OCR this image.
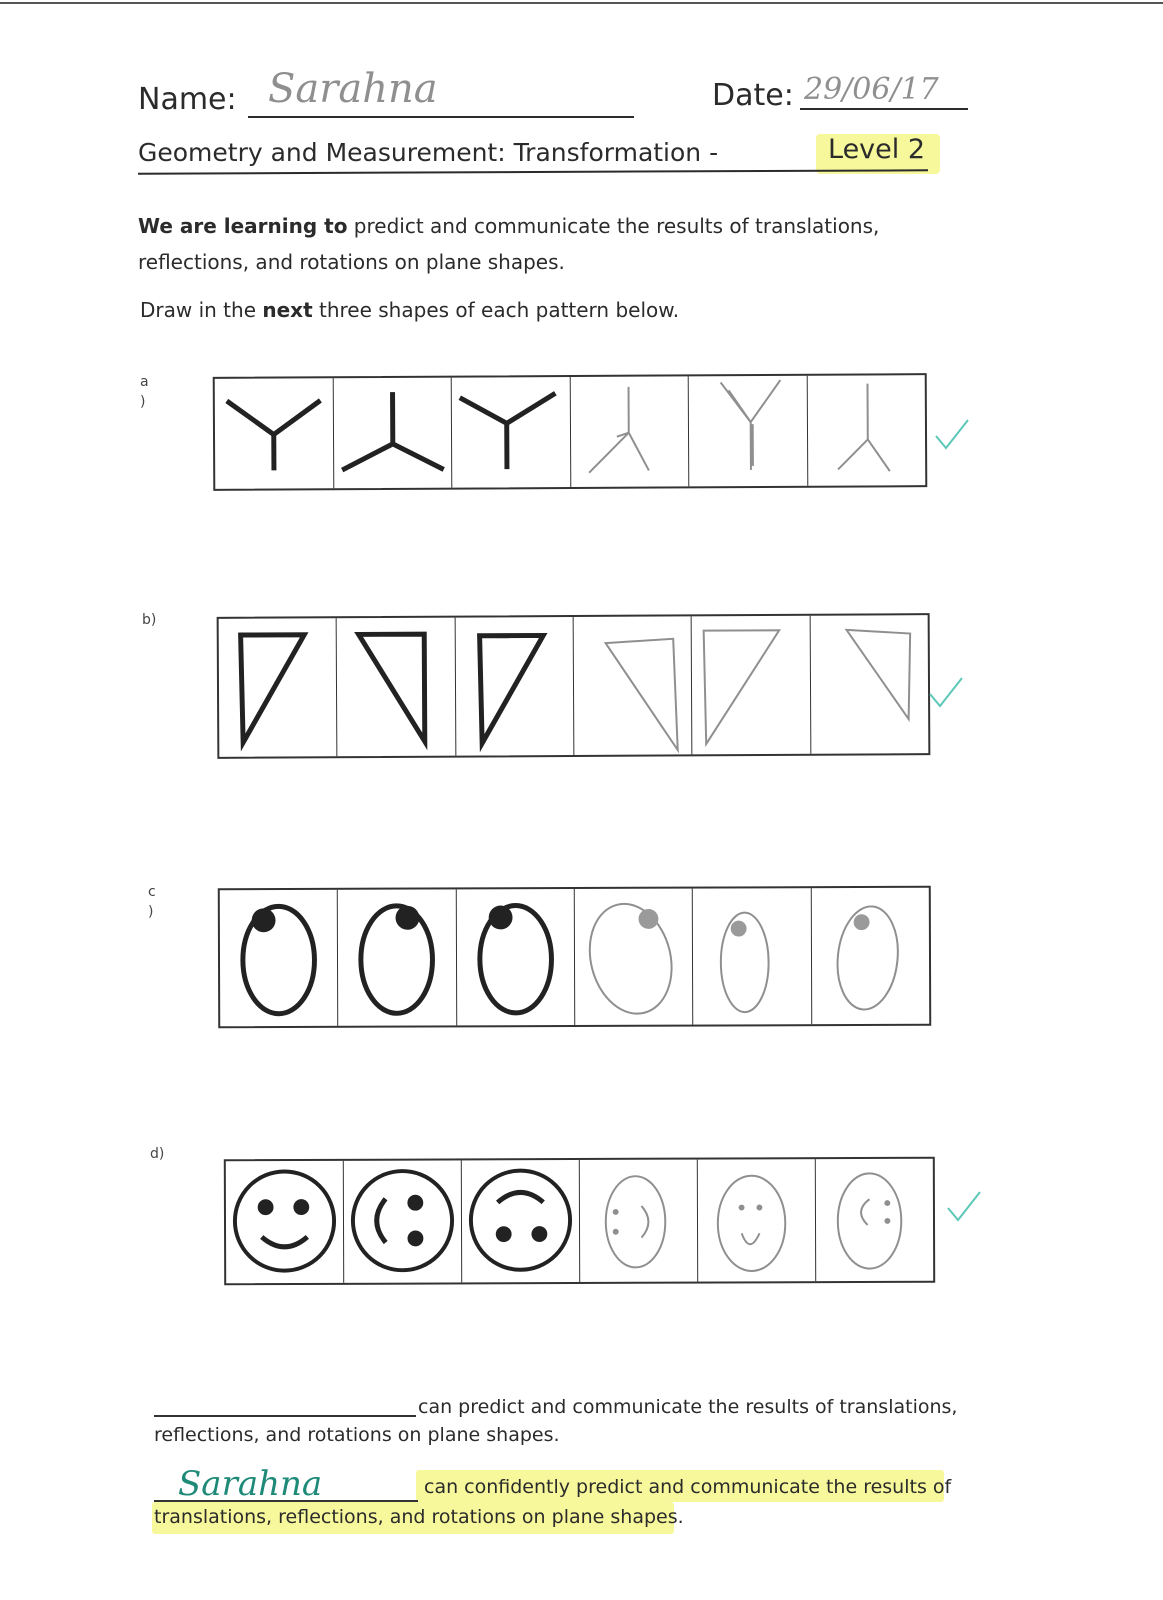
Name: Sarahna	Date: 29/06/17
Geometry and Measurement: Transformation -	Level 2
We are learning to predict and communicate the results of translations, reflections, and rotations on plane shapes.
Draw in the next three shapes of each pattern below.
a
)
b)
c
)
d)
can predict and communicate the results of translations,
reflections, and rotations on plane shapes.
Sarahna	can confidently predict and communicate the results of
translations, reflections, and rotations on plane shapes.
